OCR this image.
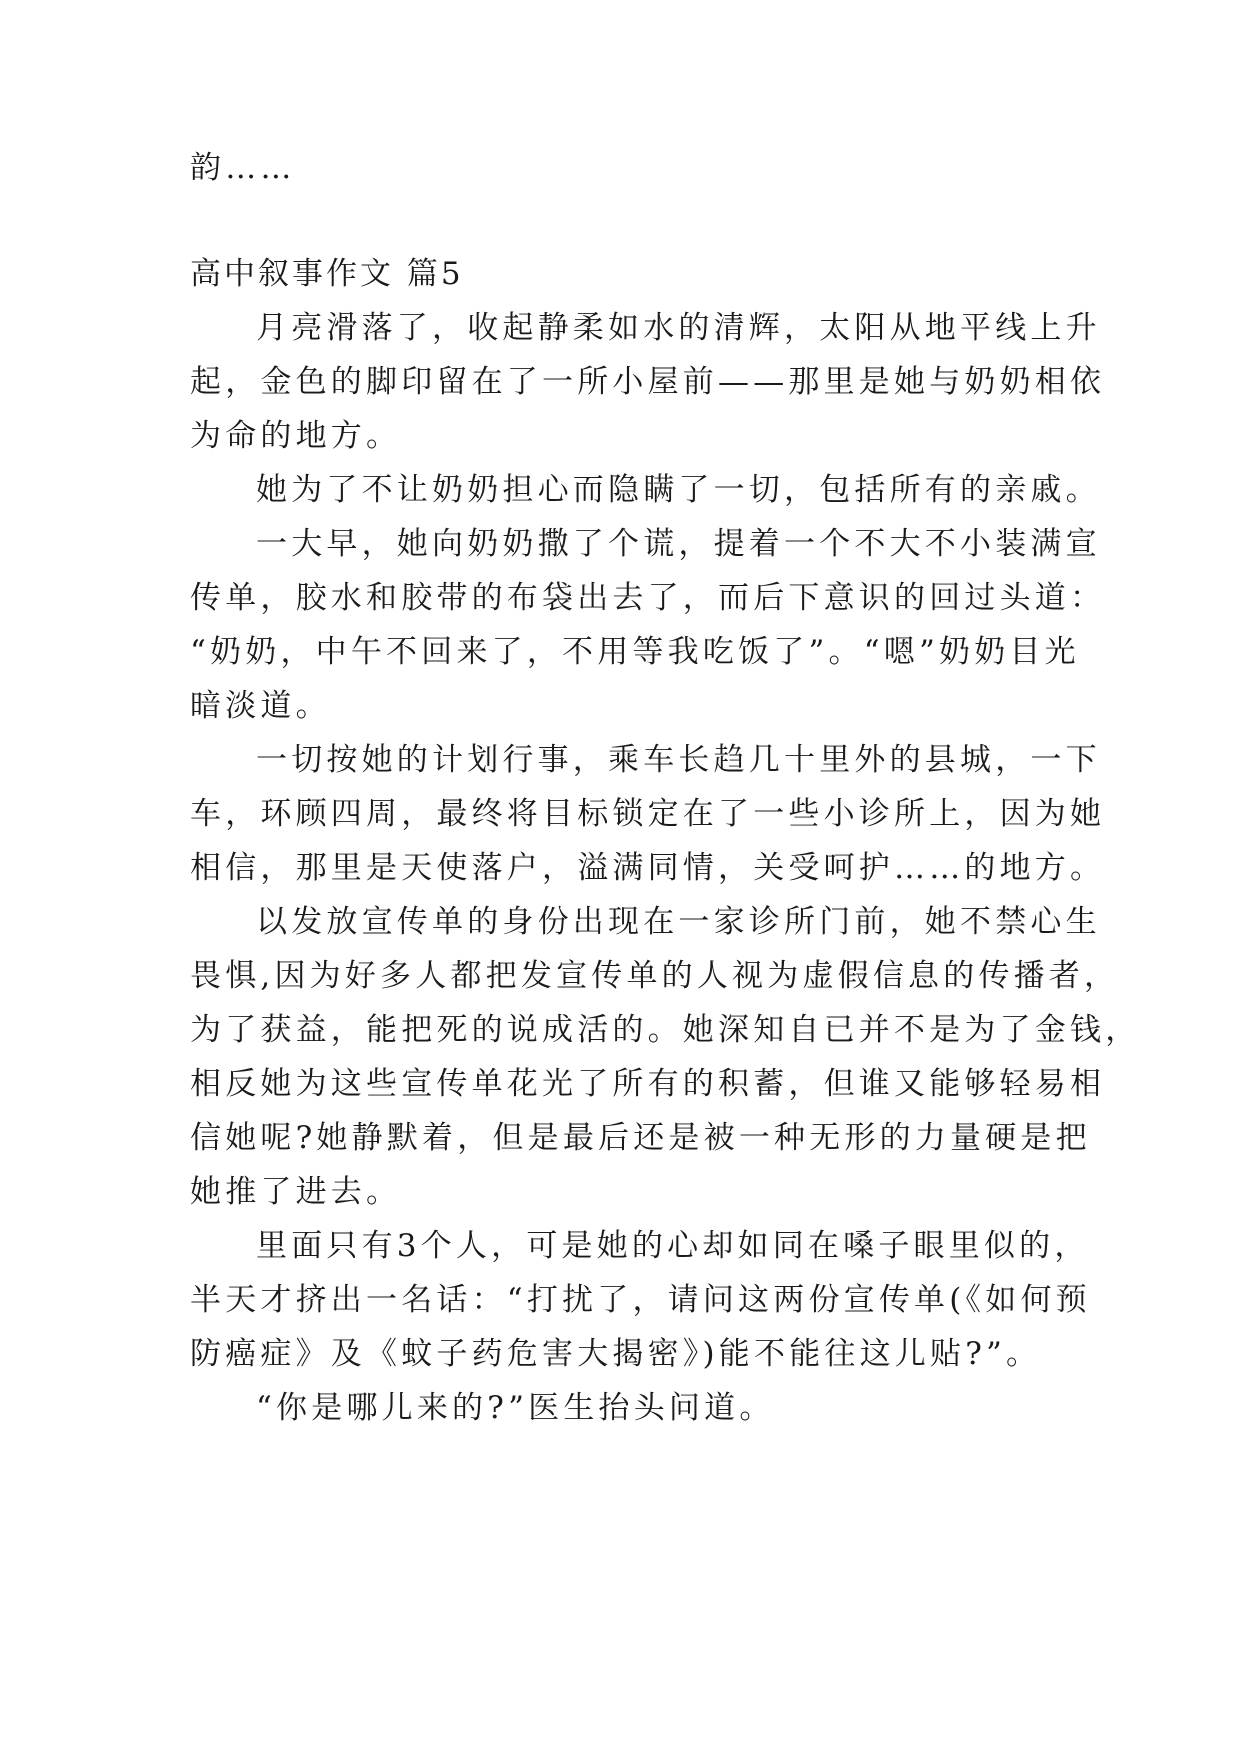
韵……
高中叙事作文 篇5
月亮滑落了，收起静柔如水的清辉，太阳从地平线上升
起，金色的脚印留在了一所小屋前——那里是她与奶奶相依
为命的地方。
她为了不让奶奶担心而隐瞒了一切，包括所有的亲戚。
一大早，她向奶奶撒了个谎，提着一个不大不小装满宣
传单，胶水和胶带的布袋出去了，而后下意识的回过头道：
“奶奶，中午不回来了，不用等我吃饭了”。“嗯”奶奶目光
暗淡道。
一切按她的计划行事，乘车长趋几十里外的县城，一下
车，环顾四周，最终将目标锁定在了一些小诊所上，因为她
相信，那里是天使落户，溢满同情，关受呵护……的地方。
以发放宣传单的身份出现在一家诊所门前，她不禁心生
畏惧,因为好多人都把发宣传单的人视为虚假信息的传播者，
为了获益，能把死的说成活的。她深知自已并不是为了金钱，
相反她为这些宣传单花光了所有的积蓄，但谁又能够轻易相
信她呢?她静默着，但是最后还是被一种无形的力量硬是把
她推了进去。
里面只有3个人，可是她的心却如同在嗓子眼里似的，
半天才挤出一名话：“打扰了，请问这两份宣传单(《如何预
防癌症》及《蚊子药危害大揭密》)能不能往这儿贴?”。
“你是哪儿来的?”医生抬头问道。
